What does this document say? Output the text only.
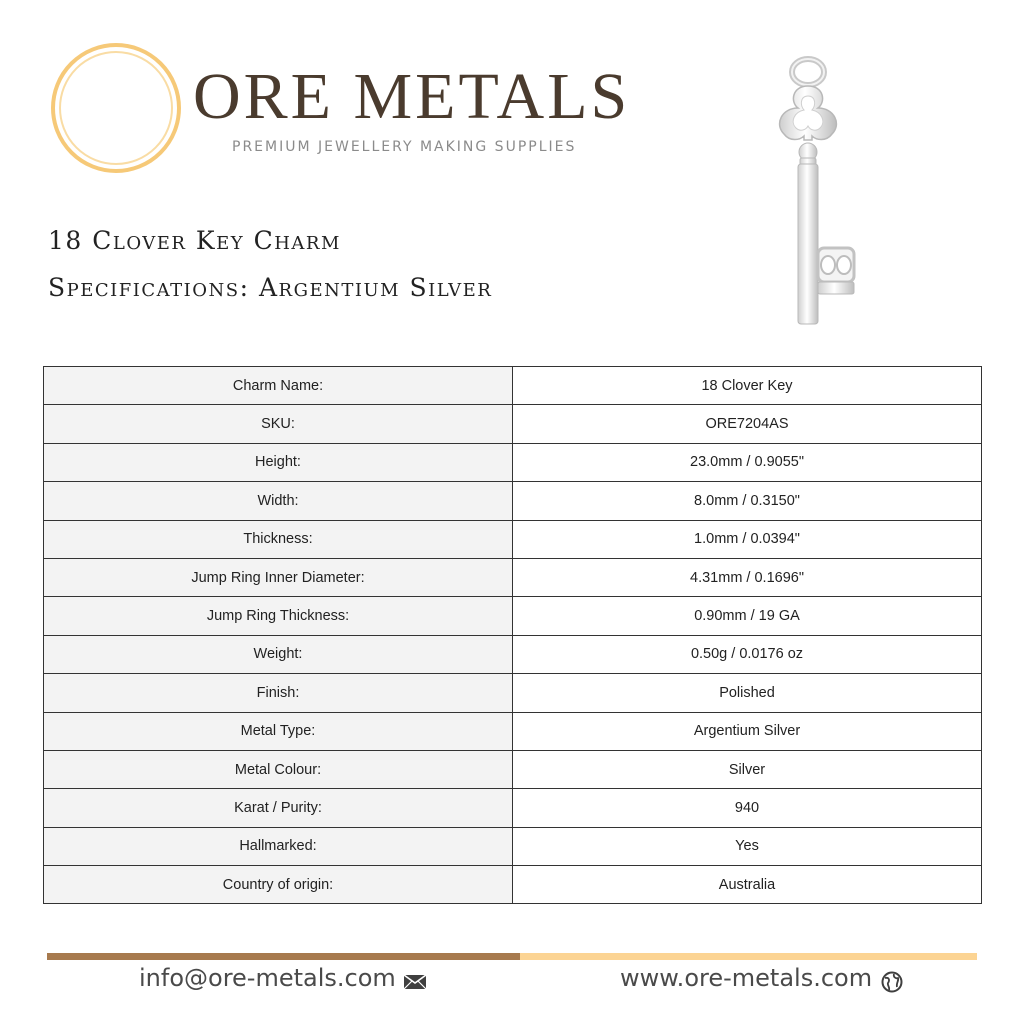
ORE METALS
PREMIUM JEWELLERY MAKING SUPPLIES
18 Clover Key Charm
Specifications: Argentium Silver
Charm Name:	18 Clover Key
SKU:	ORE7204AS
Height:	23.0mm / 0.9055"
Width:	8.0mm / 0.3150"
Thickness:	1.0mm / 0.0394"
Jump Ring Inner Diameter:	4.31mm / 0.1696"
Jump Ring Thickness:	0.90mm / 19 GA
Weight:	0.50g / 0.0176 oz
Finish:	Polished
Metal Type:	Argentium Silver
Metal Colour:	Silver
Karat / Purity:	940
Hallmarked:	Yes
Country of origin:	Australia
info@ore-metals.com	www.ore-metals.com
